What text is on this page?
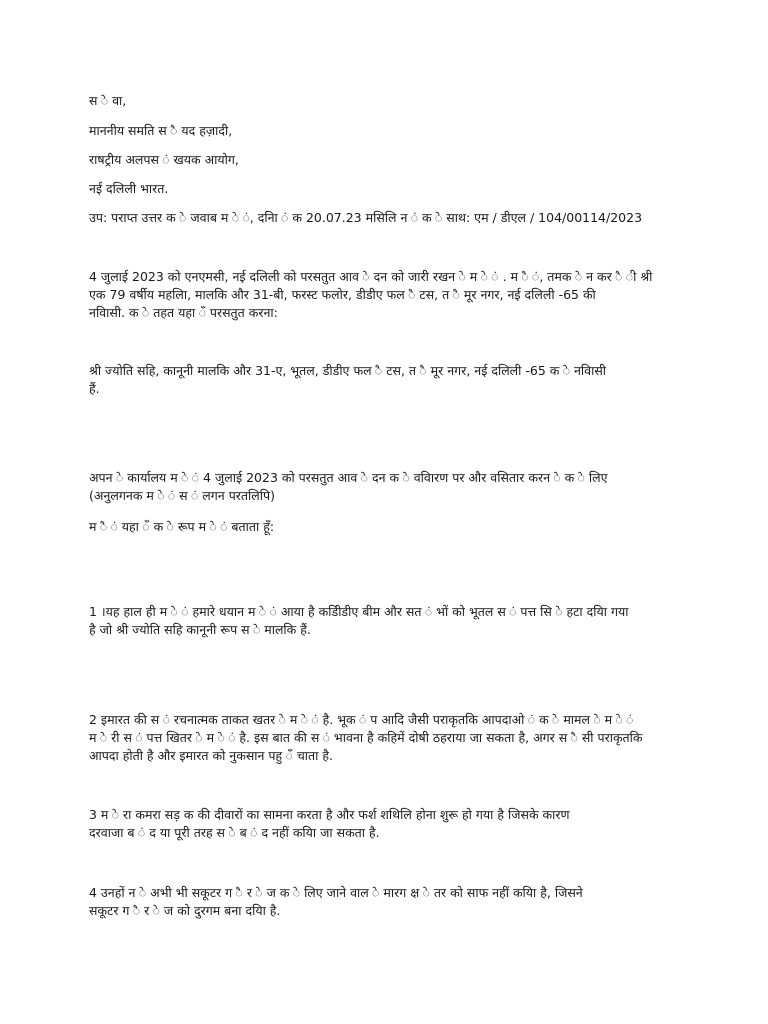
स े वा,
माननीय समति स ै यद हज़ादी,
राषट्रीय अलपस ं खयक आयोग,
नई दलिली भारत.
उप: पराप्त उत्तर क े जवाब म े ं, दनिा ं क 20.07.23 मसिलि न ं क े साथ: एम / डीएल / 104/00114/2023
4 जुलाई 2023 को एनएमसी, नई दलिली को परसतुत आव े दन को जारी रखन े म े ं . म ै ं, तमक े न कर ै ी श्री
एक 79 वर्षीय महलिा, मालकि और 31-बी, फरस्ट फलोर, डीडीए फल ै टस, त ै मूर नगर, नई दलिली -65 की
नवािसी. क े तहत यहा ँ परसतुत करना:
श्री ज्योति सहि, कानूनी मालकि और 31-ए, भूतल, डीडीए फल ै टस, त ै मूर नगर, नई दलिली -65 क े नवािसी
हैं.
अपन े कार्यालय म े ं 4 जुलाई 2023 को परसतुत आव े दन क े ववािरण पर और वसितार करन े क े लिए
(अनुलगनक म े ं स ं लगन परतलिपि)
म ै ं यहा ँ क े रूप म े ं बताता हूँ:
1 ।यह हाल ही म े ं हमारे धयान म े ं आया है कडिीडीए बीम और सत ं भों को भूतल स ं पत्त सि े हटा दयिा गया
है जो श्री ज्योति सहि कानूनी रूप स े मालकि हैं.
2 इमारत की स ं रचनात्मक ताकत खतर े म े ं है. भूक ं प आदि जैसी पराकृतकि आपदाओ ं क े मामल े म े ं
म े री स ं पत्त खितर े म े ं है. इस बात की स ं भावना है कहिमें दोषी ठहराया जा सकता है, अगर स ै सी पराकृतकि
आपदा होती है और इमारत को नुकसान पहु ँ चाता है.
3 म े रा कमरा सड़ क की दीवारों का सामना करता है और फर्श शथिलि होना शुरू हो गया है जिसके कारण
दरवाजा ब ं द या पूरी तरह स े ब ं द नहीं कयिा जा सकता है.
4 उनहों न े अभी भी सकूटर ग ै र े ज क े लिए जाने वाल े मारग क्ष े तर को साफ नहीं कयिा है, जिसने
सकूटर ग ै र े ज को दुरगम बना दयिा है.
